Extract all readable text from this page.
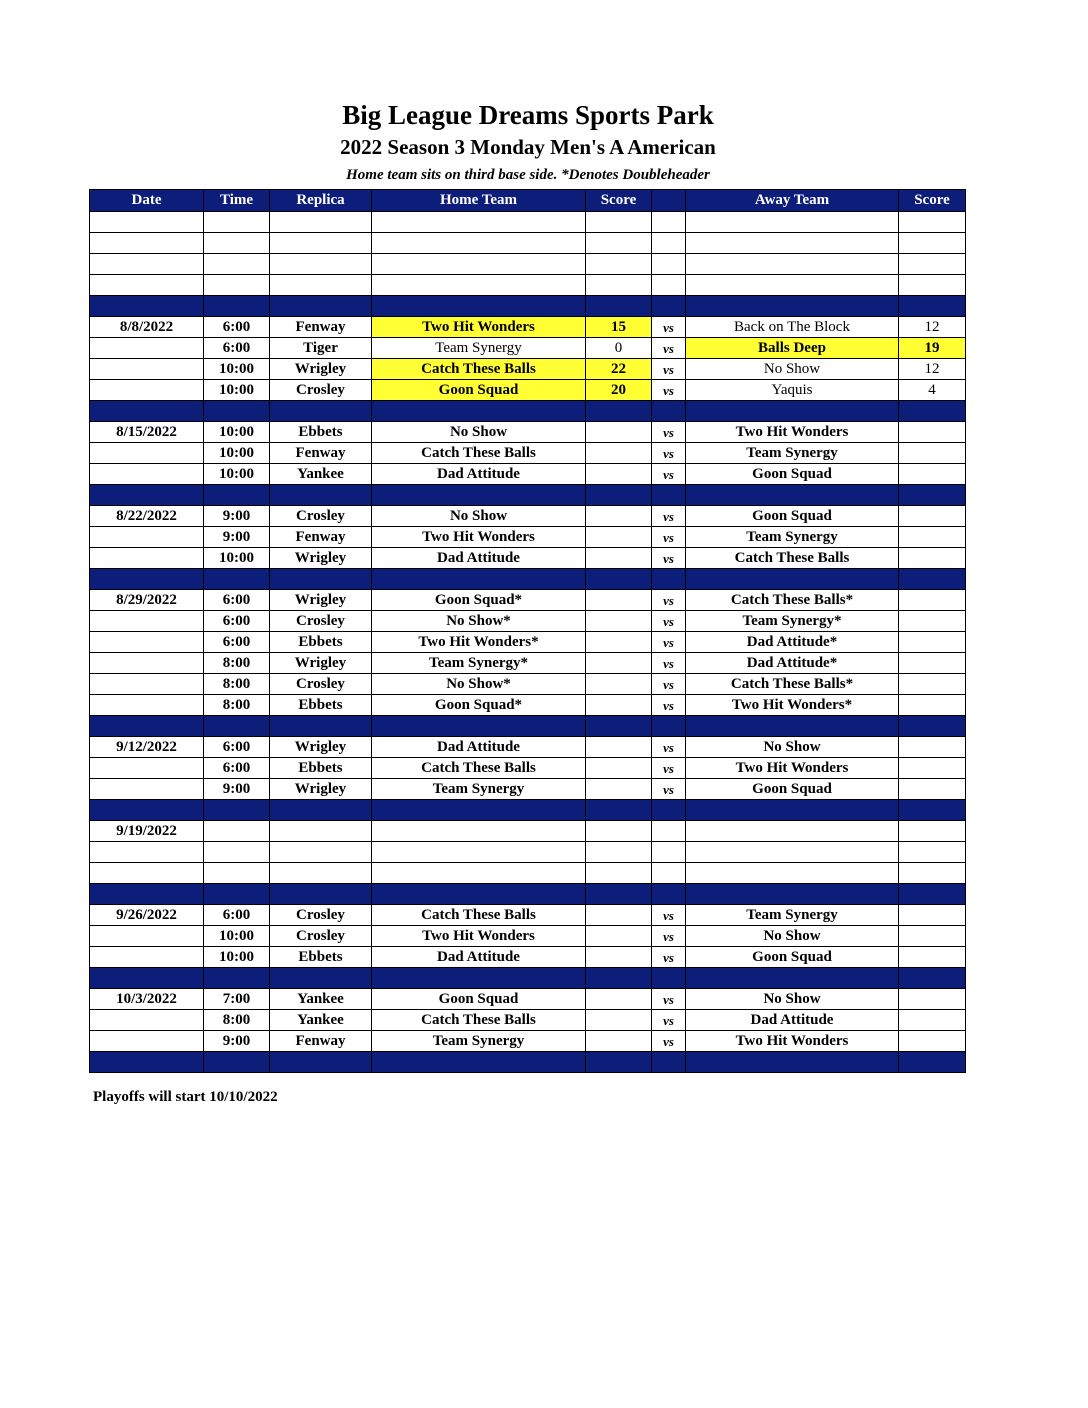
Big League Dreams Sports Park
2022 Season 3 Monday Men's A American
Home team sits on third base side. *Denotes Doubleheader
Date	Time	Replica	Home Team	Score		Away Team	Score

8/8/2022	6:00	Fenway	Two Hit Wonders	15	vs	Back on The Block	12
	6:00	Tiger	Team Synergy	0	vs	Balls Deep	19
	10:00	Wrigley	Catch These Balls	22	vs	No Show	12
	10:00	Crosley	Goon Squad	20	vs	Yaquis	4

8/15/2022	10:00	Ebbets	No Show		vs	Two Hit Wonders	
	10:00	Fenway	Catch These Balls		vs	Team Synergy	
	10:00	Yankee	Dad Attitude		vs	Goon Squad	

8/22/2022	9:00	Crosley	No Show		vs	Goon Squad	
	9:00	Fenway	Two Hit Wonders		vs	Team Synergy	
	10:00	Wrigley	Dad Attitude		vs	Catch These Balls	

8/29/2022	6:00	Wrigley	Goon Squad*		vs	Catch These Balls*	
	6:00	Crosley	No Show*		vs	Team Synergy*	
	6:00	Ebbets	Two Hit Wonders*		vs	Dad Attitude*	
	8:00	Wrigley	Team Synergy*		vs	Dad Attitude*	
	8:00	Crosley	No Show*		vs	Catch These Balls*	
	8:00	Ebbets	Goon Squad*		vs	Two Hit Wonders*	

9/12/2022	6:00	Wrigley	Dad Attitude		vs	No Show	
	6:00	Ebbets	Catch These Balls		vs	Two Hit Wonders	
	9:00	Wrigley	Team Synergy		vs	Goon Squad	

9/19/2022							

9/26/2022	6:00	Crosley	Catch These Balls		vs	Team Synergy	
	10:00	Crosley	Two Hit Wonders		vs	No Show	
	10:00	Ebbets	Dad Attitude		vs	Goon Squad	

10/3/2022	7:00	Yankee	Goon Squad		vs	No Show	
	8:00	Yankee	Catch These Balls		vs	Dad Attitude	
	9:00	Fenway	Team Synergy		vs	Two Hit Wonders	

Playoffs will start 10/10/2022
